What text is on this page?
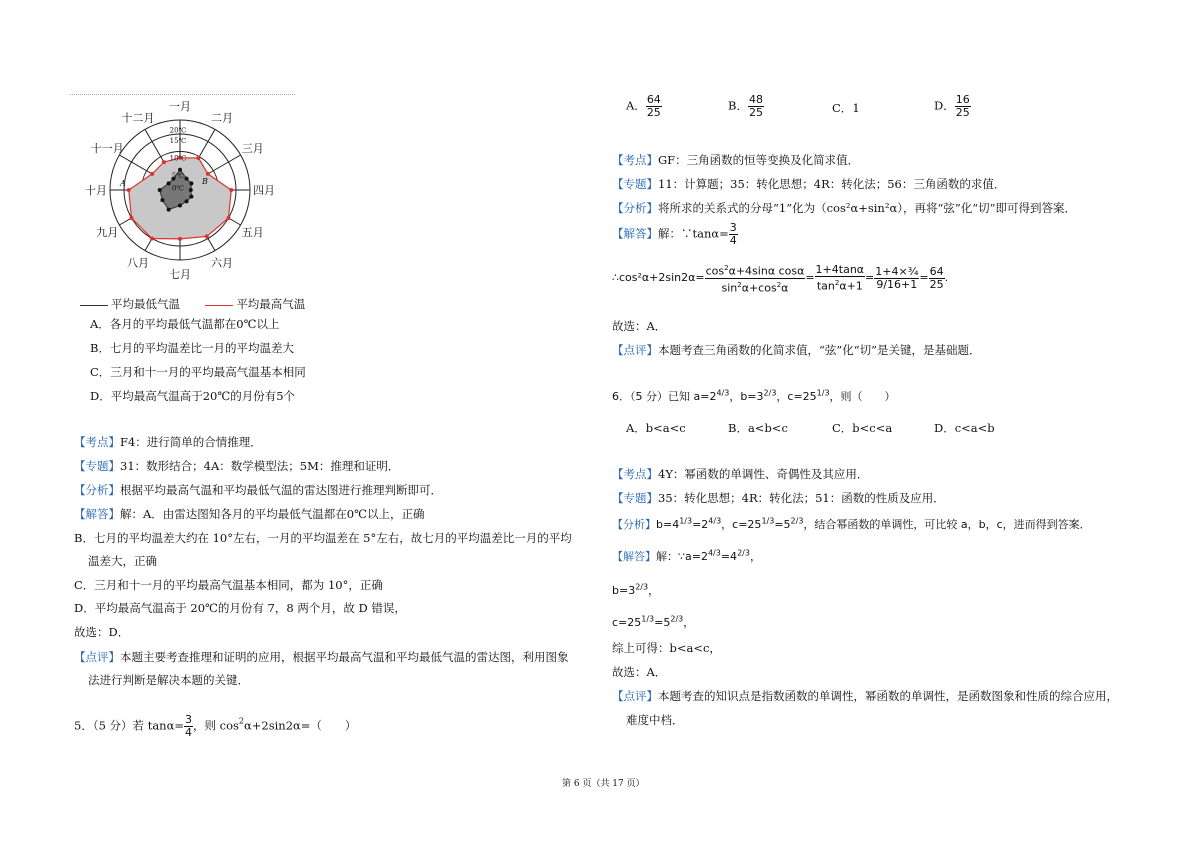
0℃
5℃
10℃
15℃
20℃
一月
二月
三月
四月
五月
六月
七月
八月
九月
十月
十一月
十二月
A	B
平均最低气温	平均最高气温
A．各月的平均最低气温都在0℃以上
B．七月的平均温差比一月的平均温差大
C．三月和十一月的平均最高气温基本相同
D．平均最高气温高于20℃的月份有5个
【考点】F4：进行简单的合情推理．
【专题】31：数形结合；4A：数学模型法；5M：推理和证明．
【分析】根据平均最高气温和平均最低气温的雷达图进行推理判断即可．
【解答】解：A．由雷达图知各月的平均最低气温都在0℃以上，正确
B．七月的平均温差大约在 10°左右，一月的平均温差在 5°左右，故七月的平均温差比一月的平均
温差大，正确
C．三月和十一月的平均最高气温基本相同，都为 10°，正确
D．平均最高气温高于 20℃的月份有 7，8 两个月，故 D 错误，
故选：D．
【点评】本题主要考查推理和证明的应用，根据平均最高气温和平均最低气温的雷达图，利用图象
法进行判断是解决本题的关键．
5．（5 分）若 $\tan\alpha= \frac{3}{4}$ ，则 $\cos^2\alpha+2\sin 2\alpha=$（　　）
A． $\frac{64}{25}$	B． $\frac{48}{25}$	C．1	D． $\frac{16}{25}$
【考点】GF：三角函数的恒等变换及化简求值．
【专题】11：计算题；35：转化思想；4R：转化法；56：三角函数的求值．
【分析】将所求的关系式的分母“1”化为（cos²α+sin²α），再将“弦”化“切”即可得到答案．
【解答】解：∵tanα= $\frac{3}{4}$
∴cos²α+2sin2α= $\frac{\cos^2\alpha+4\sin\alpha \cos\alpha}{\sin^2\alpha+\cos^2\alpha} = \frac{1+4\tan\alpha}{\tan^2\alpha+1} = \frac{\text{1+4×¾}}{9/16+1} = \frac{64}{25}$ .
故选：A．
【点评】本题考查三角函数的化简求值，“弦”化“切”是关键，是基础题．
6．（5 分）已知 $a=2^{4/3}$，$b=3^{2/3}$，$c=25^{1/3}$，则（　　）
A．b<a<c	B．a<b<c	C．b<c<a	D．c<a<b
【考点】4Y：幂函数的单调性、奇偶性及其应用．
【专题】35：转化思想；4R：转化法；51：函数的性质及应用．
【分析】$b=4^{1/3}=2^{4/3}$，$c=25^{1/3}=5^{2/3}$，结合幂函数的单调性，可比较 a，b，c，进而得到答案．
【解答】解：$\because a=2^{4/3}=4^{2/3}$，
$b=3^{2/3}$，
$c=25^{1/3}=5^{2/3}$，
综上可得：b<a<c，
故选：A．
【点评】本题考查的知识点是指数函数的单调性，幂函数的单调性，是函数图象和性质的综合应用，
难度中档．
第 6 页（共 17 页）
